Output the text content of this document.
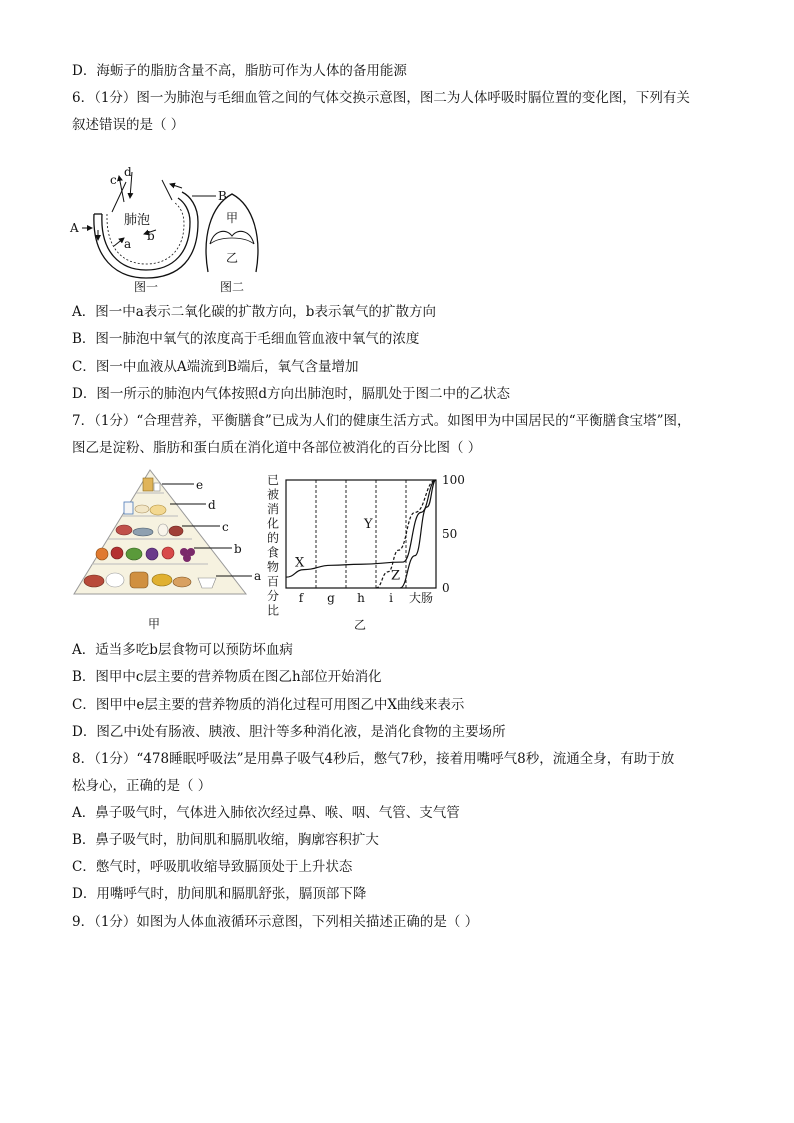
D．海蛎子的脂肪含量不高，脂肪可作为人体的备用能源
6．（1分）图一为肺泡与毛细血管之间的气体交换示意图，图二为人体呼吸时膈位置的变化图，下列有关
叙述错误的是（ ）
A
B
a
b
c
d
肺泡
图一
甲
乙
图二
A．图一中a表示二氧化碳的扩散方向，b表示氧气的扩散方向
B．图一肺泡中氧气的浓度高于毛细血管血液中氧气的浓度
C．图一中血液从A端流到B端后，氧气含量增加
D．图一所示的肺泡内气体按照d方向出肺泡时，膈肌处于图二中的乙状态
7．（1分）“合理营养，平衡膳食”已成为人们的健康生活方式。如图甲为中国居民的“平衡膳食宝塔”图，
图乙是淀粉、脂肪和蛋白质在消化道中各部位被消化的百分比图（ ）
e
d
c
b
a
甲
已
被
消
化
的
食
物
百
分
比
X
Y
Z
100
50
0
f g h i 大肠
乙
A．适当多吃b层食物可以预防坏血病
B．图甲中c层主要的营养物质在图乙h部位开始消化
C．图甲中e层主要的营养物质的消化过程可用图乙中X曲线来表示
D．图乙中i处有肠液、胰液、胆汁等多种消化液，是消化食物的主要场所
8．（1分）“478睡眠呼吸法”是用鼻子吸气4秒后，憋气7秒，接着用嘴呼气8秒，流通全身，有助于放
松身心，正确的是（ ）
A．鼻子吸气时，气体进入肺依次经过鼻、喉、咽、气管、支气管
B．鼻子吸气时，肋间肌和膈肌收缩，胸廓容积扩大
C．憋气时，呼吸肌收缩导致膈顶处于上升状态
D．用嘴呼气时，肋间肌和膈肌舒张，膈顶部下降
9．（1分）如图为人体血液循环示意图，下列相关描述正确的是（ ）
